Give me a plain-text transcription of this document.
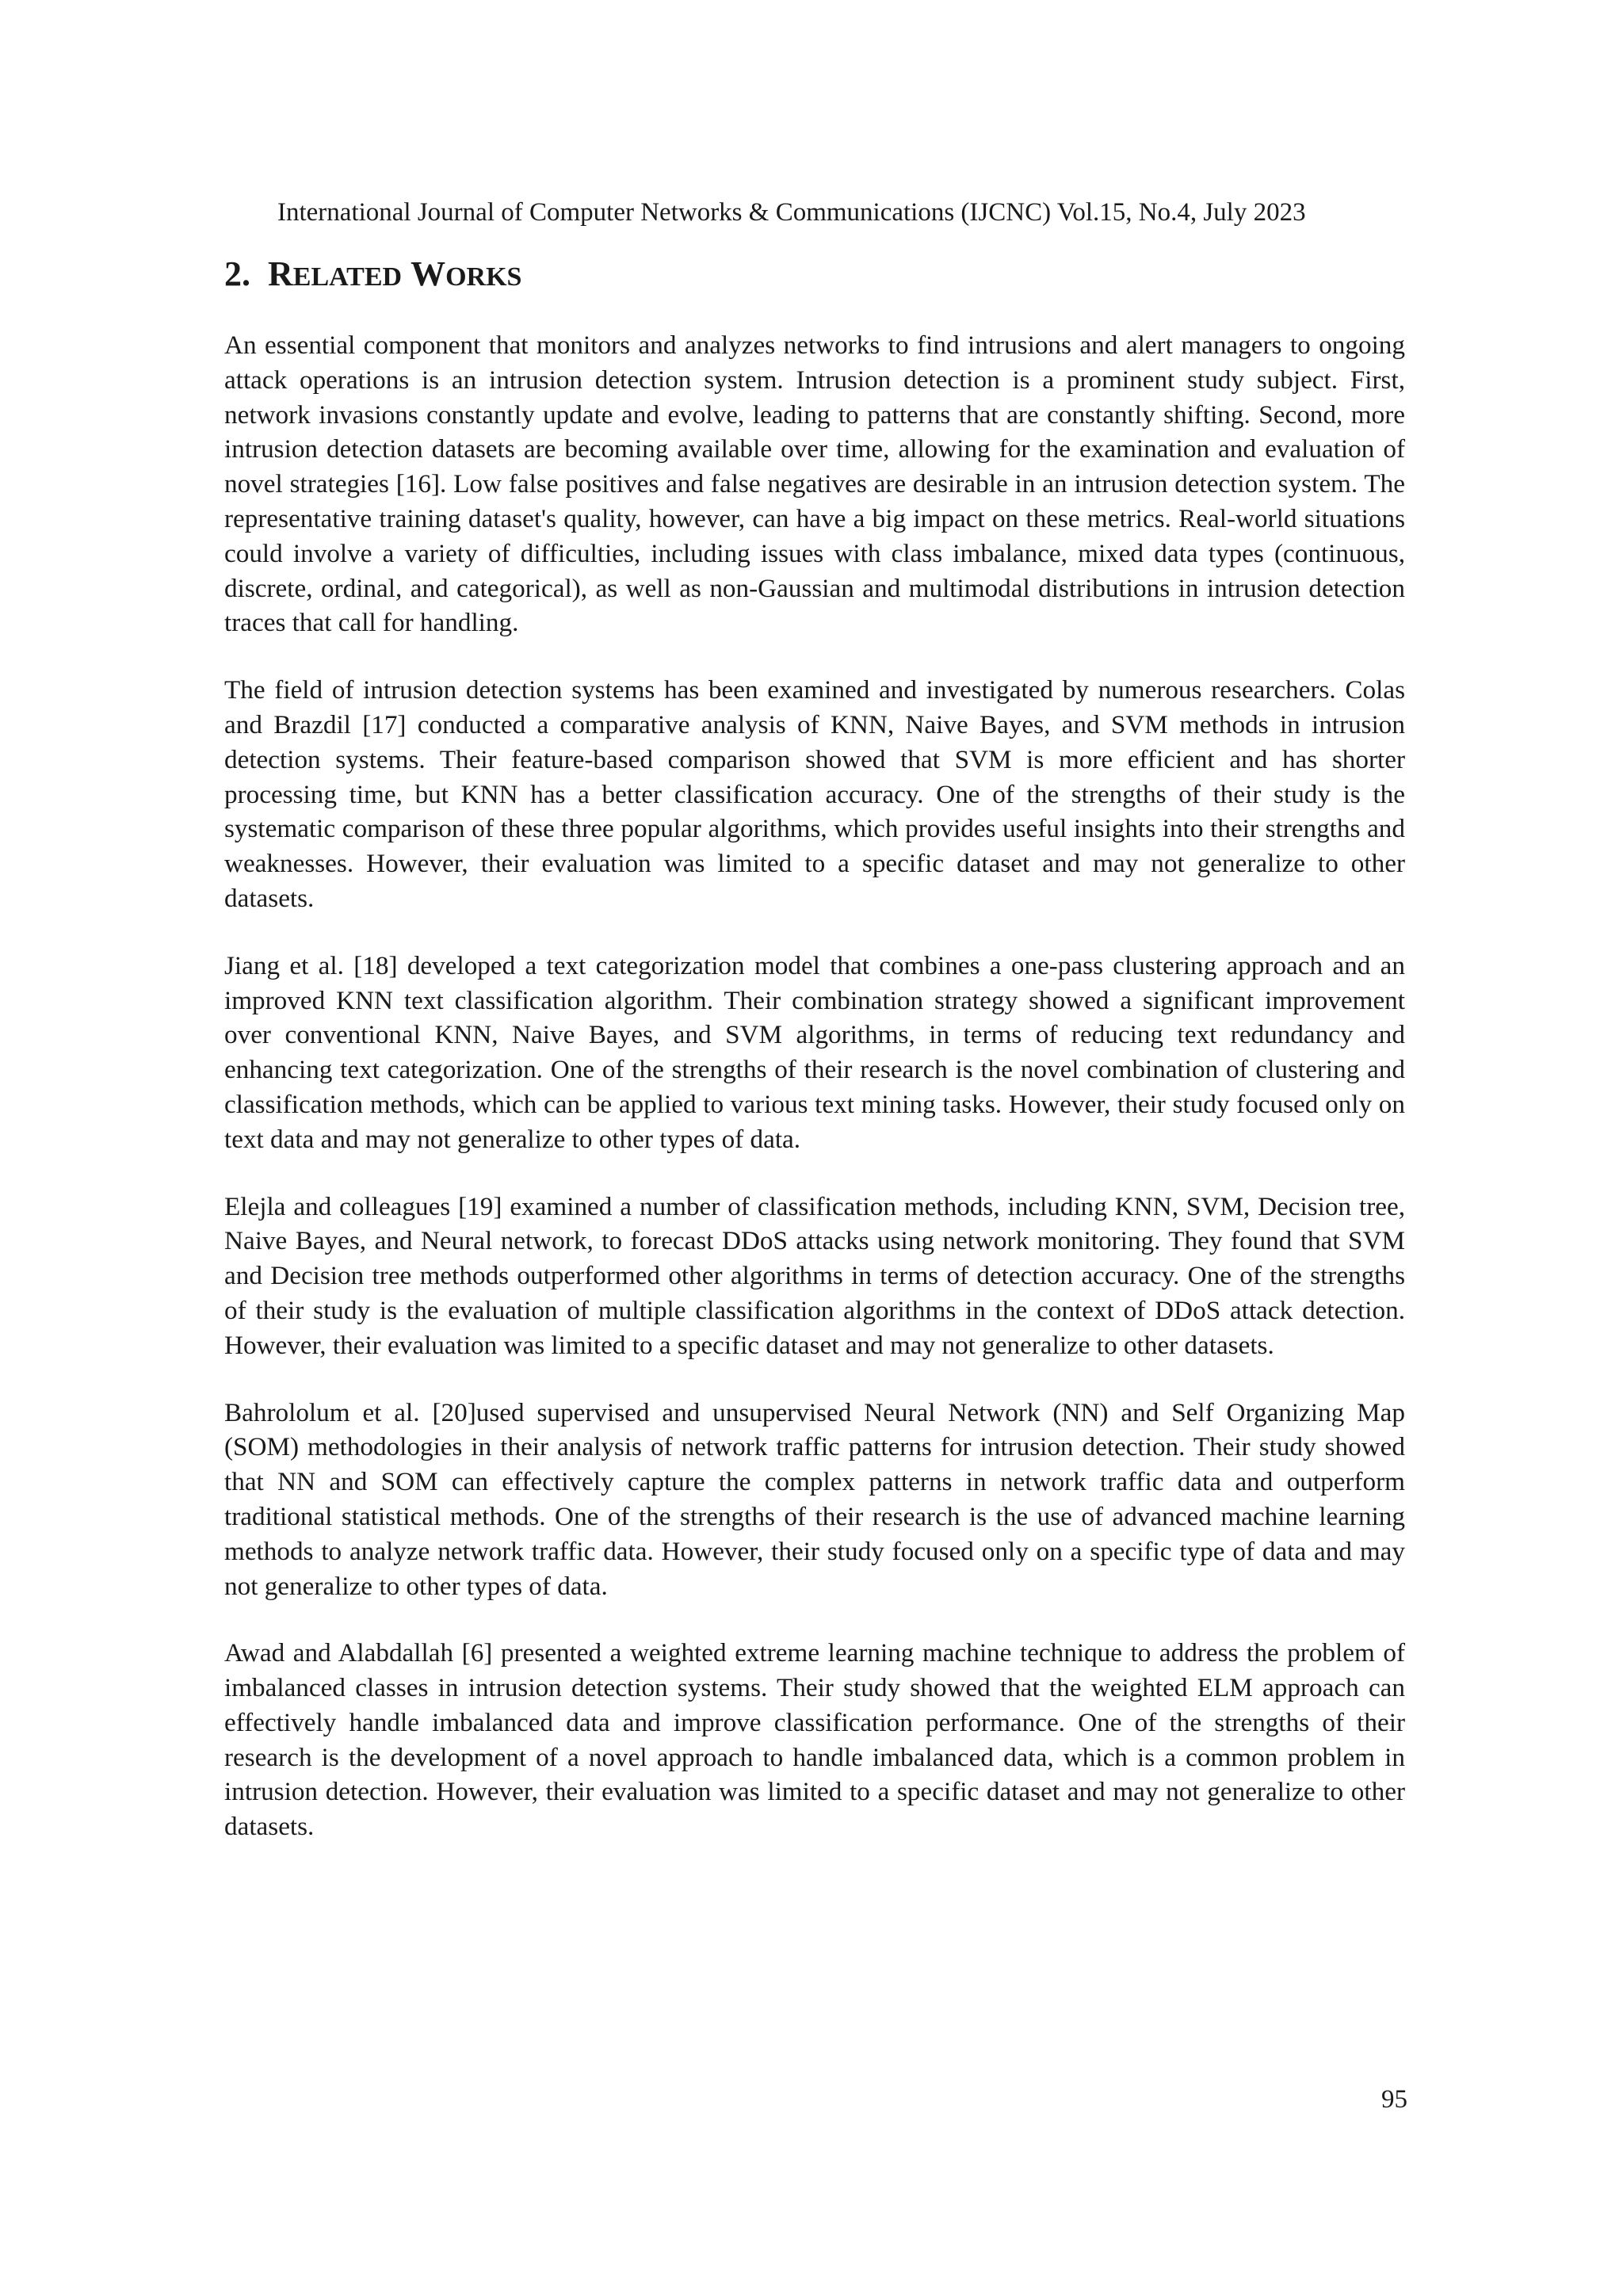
International Journal of Computer Networks & Communications (IJCNC) Vol.15, No.4, July 2023
2. RELATED WORKS

An essential component that monitors and analyzes networks to find intrusions and alert managers to ongoing attack operations is an intrusion detection system. Intrusion detection is a prominent study subject. First, network invasions constantly update and evolve, leading to patterns that are constantly shifting. Second, more intrusion detection datasets are becoming available over time, allowing for the examination and evaluation of novel strategies [16]. Low false positives and false negatives are desirable in an intrusion detection system. The representative training dataset's quality, however, can have a big impact on these metrics. Real-world situations could involve a variety of difficulties, including issues with class imbalance, mixed data types (continuous, discrete, ordinal, and categorical), as well as non-Gaussian and multimodal distributions in intrusion detection traces that call for handling.

The field of intrusion detection systems has been examined and investigated by numerous researchers. Colas and Brazdil [17] conducted a comparative analysis of KNN, Naive Bayes, and SVM methods in intrusion detection systems. Their feature-based comparison showed that SVM is more efficient and has shorter processing time, but KNN has a better classification accuracy. One of the strengths of their study is the systematic comparison of these three popular algorithms, which provides useful insights into their strengths and weaknesses. However, their evaluation was limited to a specific dataset and may not generalize to other datasets.

Jiang et al. [18] developed a text categorization model that combines a one-pass clustering approach and an improved KNN text classification algorithm. Their combination strategy showed a significant improvement over conventional KNN, Naive Bayes, and SVM algorithms, in terms of reducing text redundancy and enhancing text categorization. One of the strengths of their research is the novel combination of clustering and classification methods, which can be applied to various text mining tasks. However, their study focused only on text data and may not generalize to other types of data.

Elejla and colleagues [19] examined a number of classification methods, including KNN, SVM, Decision tree, Naive Bayes, and Neural network, to forecast DDoS attacks using network monitoring. They found that SVM and Decision tree methods outperformed other algorithms in terms of detection accuracy. One of the strengths of their study is the evaluation of multiple classification algorithms in the context of DDoS attack detection. However, their evaluation was limited to a specific dataset and may not generalize to other datasets.

Bahrololum et al. [20]used supervised and unsupervised Neural Network (NN) and Self Organizing Map (SOM) methodologies in their analysis of network traffic patterns for intrusion detection. Their study showed that NN and SOM can effectively capture the complex patterns in network traffic data and outperform traditional statistical methods. One of the strengths of their research is the use of advanced machine learning methods to analyze network traffic data. However, their study focused only on a specific type of data and may not generalize to other types of data.

Awad and Alabdallah [6] presented a weighted extreme learning machine technique to address the problem of imbalanced classes in intrusion detection systems. Their study showed that the weighted ELM approach can effectively handle imbalanced data and improve classification performance. One of the strengths of their research is the development of a novel approach to handle imbalanced data, which is a common problem in intrusion detection. However, their evaluation was limited to a specific dataset and may not generalize to other datasets.

95
